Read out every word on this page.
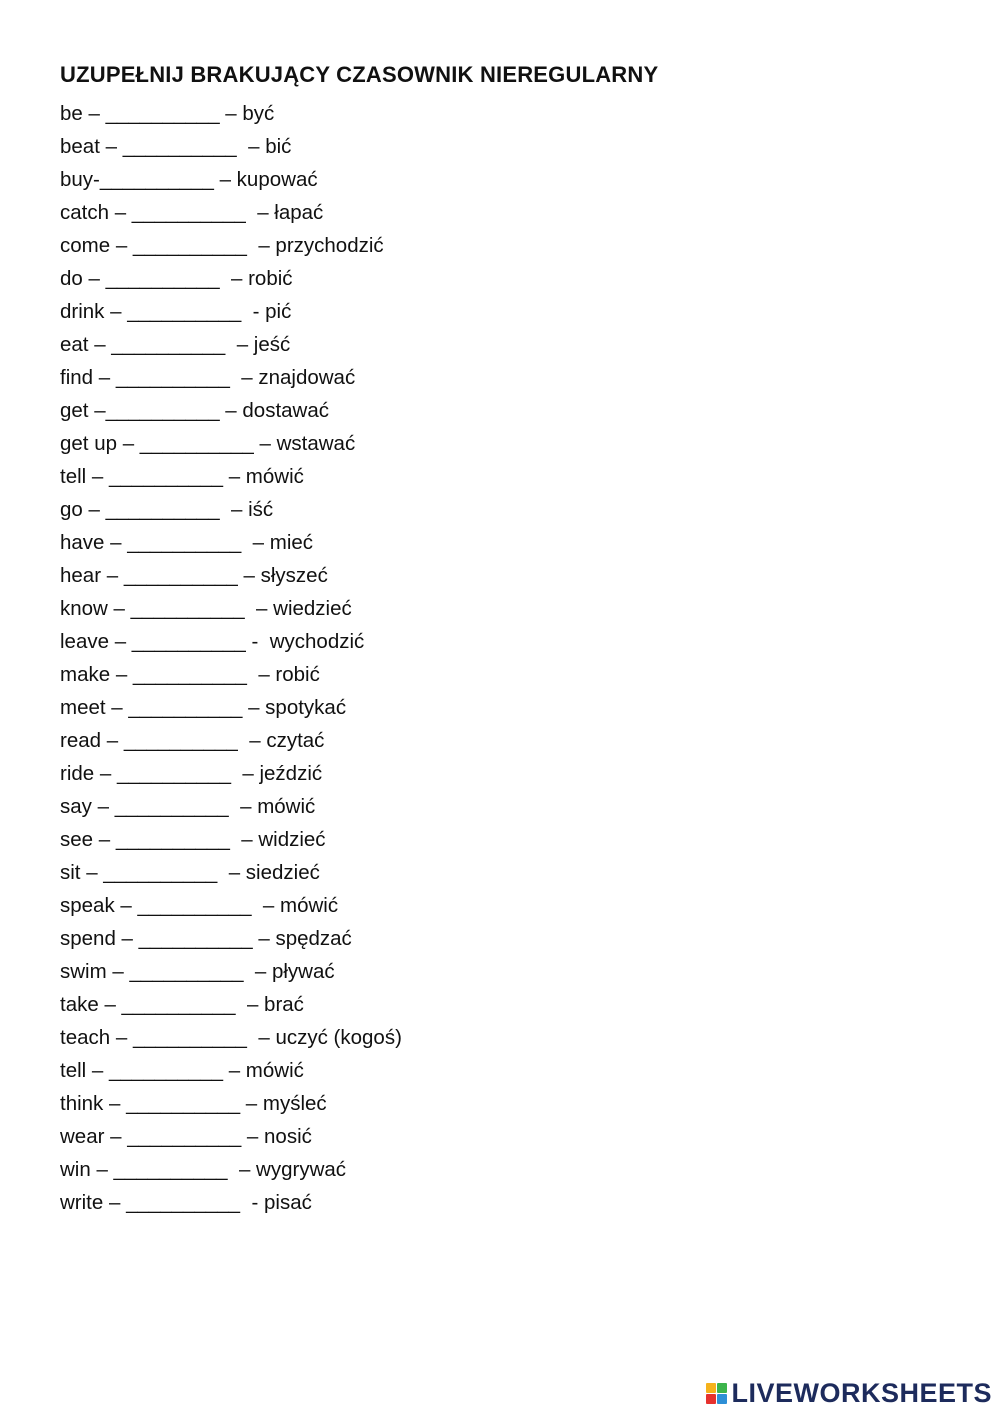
UZUPEŁNIJ BRAKUJĄCY CZASOWNIK NIEREGULARNY
be – __________ – być
beat – __________  – bić
buy-__________ – kupować
catch – __________  – łapać
come – __________  – przychodzić
do – __________  – robić
drink – __________  - pić
eat – __________  – jeść
find – __________  – znajdować
get –__________ – dostawać
get up – __________ – wstawać
tell – __________ – mówić
go – __________  – iść
have – __________  – mieć
hear – __________ – słyszeć
know – __________  – wiedzieć
leave – __________ -  wychodzić
make – __________  – robić
meet – __________ – spotykać
read – __________  – czytać
ride – __________  – jeździć
say – __________  – mówić
see – __________  – widzieć
sit – __________  – siedzieć
speak – __________  – mówić
spend – __________ – spędzać
swim – __________  – pływać
take – __________  – brać
teach – __________  – uczyć (kogoś)
tell – __________ – mówić
think – __________ – myśleć
wear – __________ – nosić
win – __________  – wygrywać
write – __________  - pisać
LIVEWORKSHEETS
